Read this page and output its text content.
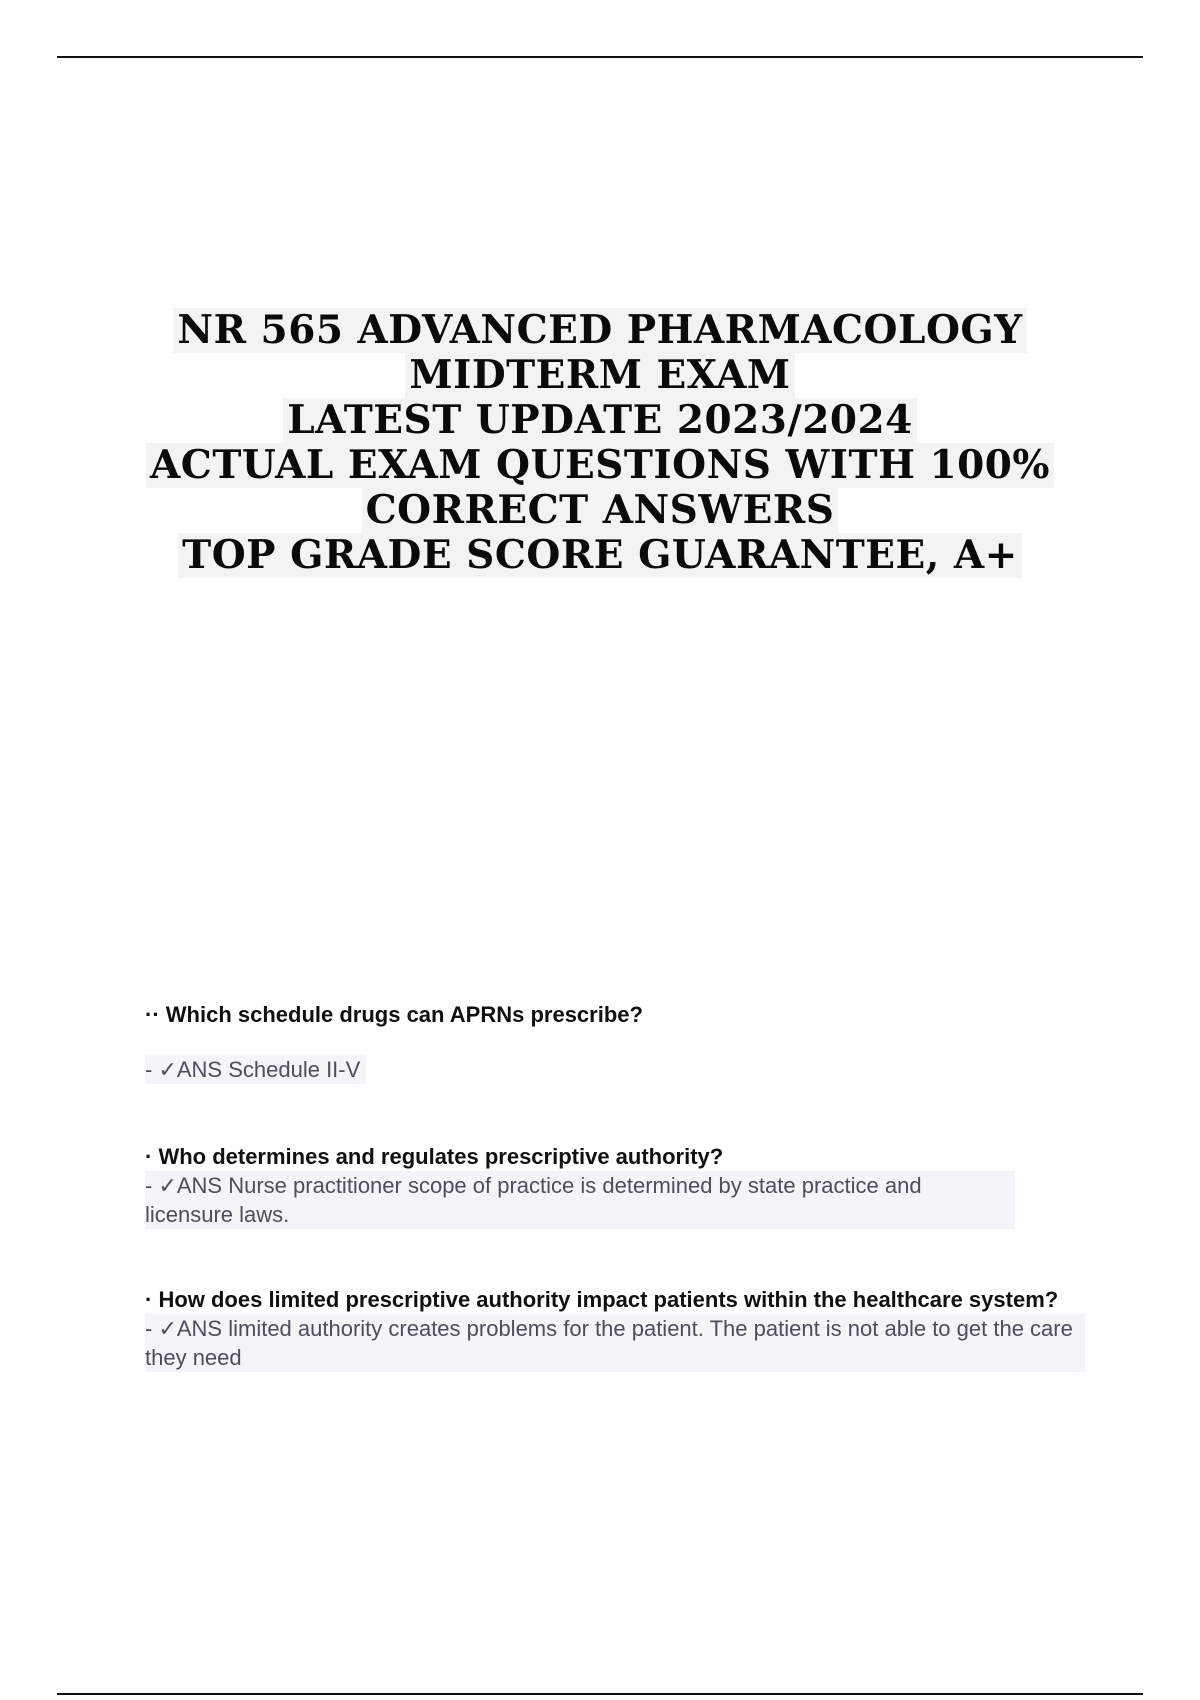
NR 565 ADVANCED PHARMACOLOGY
MIDTERM EXAM
LATEST UPDATE 2023/2024
ACTUAL EXAM QUESTIONS WITH 100%
CORRECT ANSWERS
TOP GRADE SCORE GUARANTEE, A+
·· Which schedule drugs can APRNs prescribe?
- ✓ANS Schedule II-V
· Who determines and regulates prescriptive authority?
- ✓ANS Nurse practitioner scope of practice is determined by state practice and licensure laws.
· How does limited prescriptive authority impact patients within the healthcare system?
- ✓ANS limited authority creates problems for the patient. The patient is not able to get the care they need
